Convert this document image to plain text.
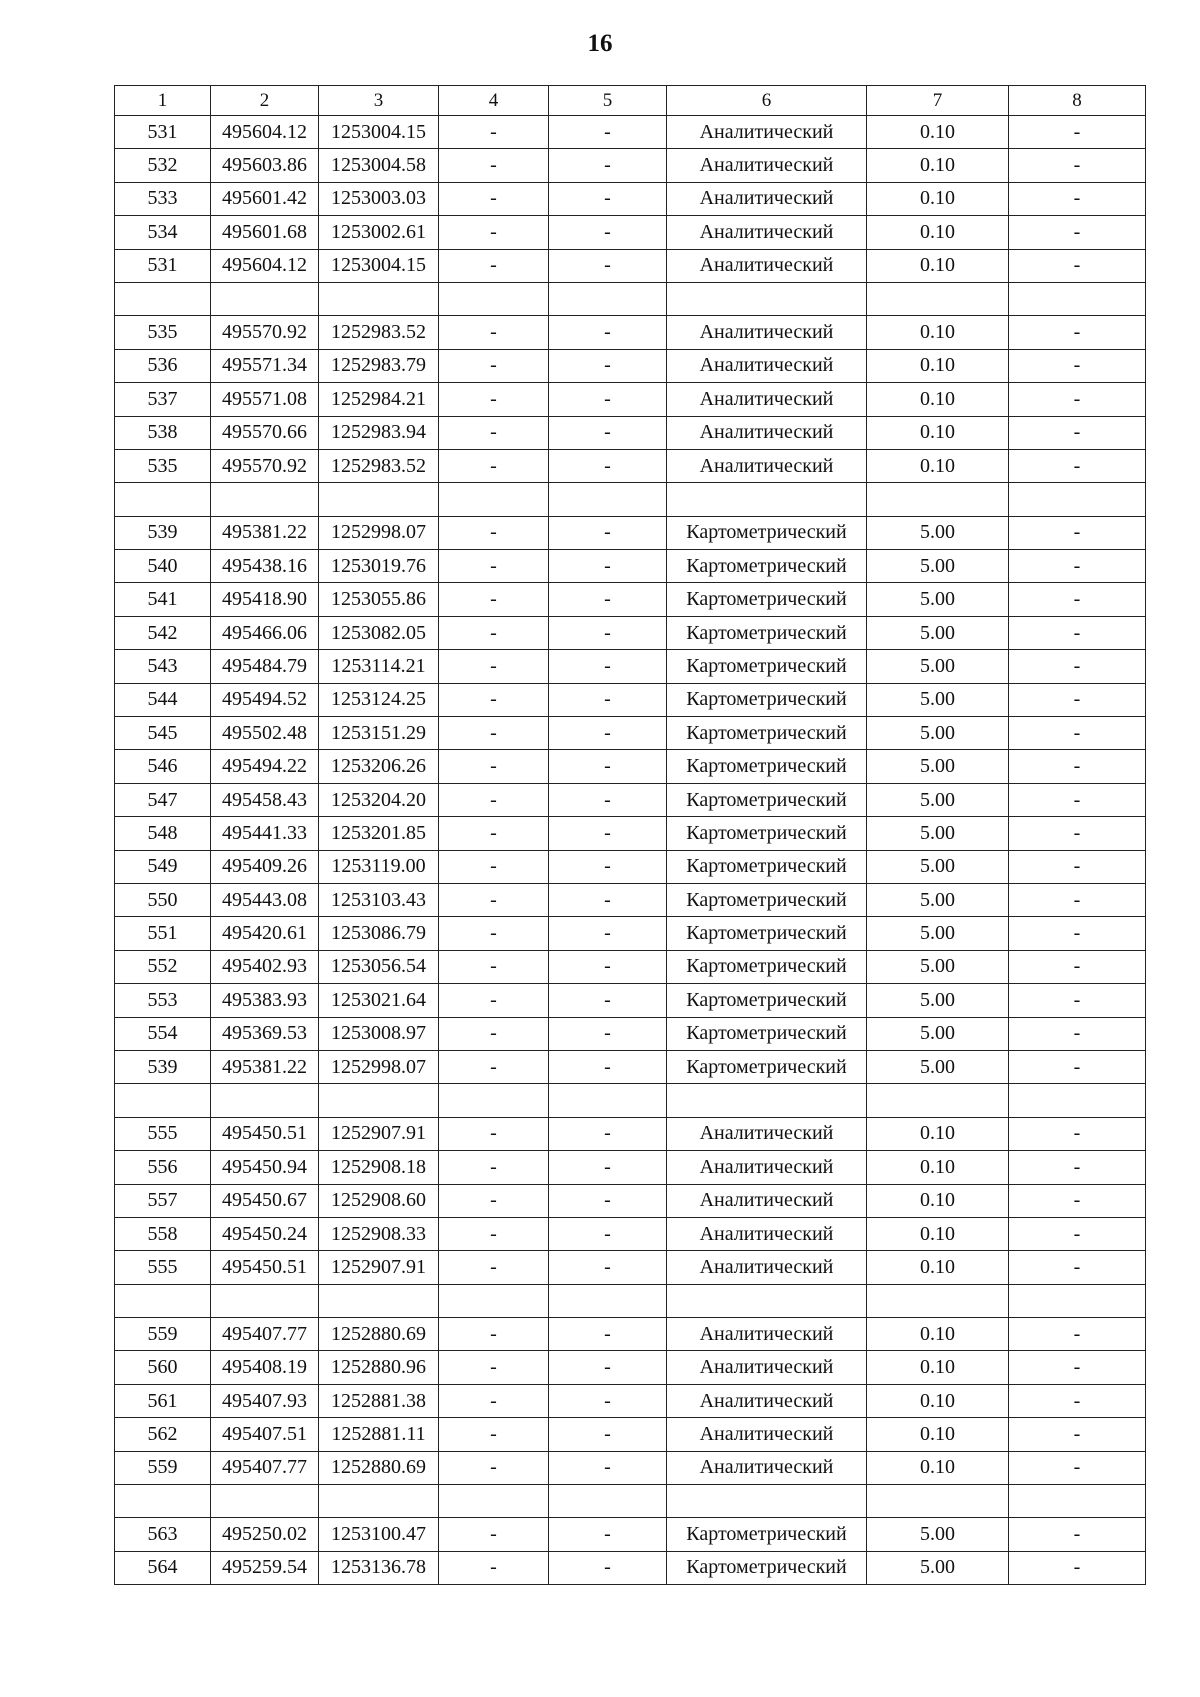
16
1	2	3	4	5	6	7	8
531	495604.12	1253004.15	-	-	Аналитический	0.10	-
532	495603.86	1253004.58	-	-	Аналитический	0.10	-
533	495601.42	1253003.03	-	-	Аналитический	0.10	-
534	495601.68	1253002.61	-	-	Аналитический	0.10	-
531	495604.12	1253004.15	-	-	Аналитический	0.10	-

535	495570.92	1252983.52	-	-	Аналитический	0.10	-
536	495571.34	1252983.79	-	-	Аналитический	0.10	-
537	495571.08	1252984.21	-	-	Аналитический	0.10	-
538	495570.66	1252983.94	-	-	Аналитический	0.10	-
535	495570.92	1252983.52	-	-	Аналитический	0.10	-

539	495381.22	1252998.07	-	-	Картометрический	5.00	-
540	495438.16	1253019.76	-	-	Картометрический	5.00	-
541	495418.90	1253055.86	-	-	Картометрический	5.00	-
542	495466.06	1253082.05	-	-	Картометрический	5.00	-
543	495484.79	1253114.21	-	-	Картометрический	5.00	-
544	495494.52	1253124.25	-	-	Картометрический	5.00	-
545	495502.48	1253151.29	-	-	Картометрический	5.00	-
546	495494.22	1253206.26	-	-	Картометрический	5.00	-
547	495458.43	1253204.20	-	-	Картометрический	5.00	-
548	495441.33	1253201.85	-	-	Картометрический	5.00	-
549	495409.26	1253119.00	-	-	Картометрический	5.00	-
550	495443.08	1253103.43	-	-	Картометрический	5.00	-
551	495420.61	1253086.79	-	-	Картометрический	5.00	-
552	495402.93	1253056.54	-	-	Картометрический	5.00	-
553	495383.93	1253021.64	-	-	Картометрический	5.00	-
554	495369.53	1253008.97	-	-	Картометрический	5.00	-
539	495381.22	1252998.07	-	-	Картометрический	5.00	-

555	495450.51	1252907.91	-	-	Аналитический	0.10	-
556	495450.94	1252908.18	-	-	Аналитический	0.10	-
557	495450.67	1252908.60	-	-	Аналитический	0.10	-
558	495450.24	1252908.33	-	-	Аналитический	0.10	-
555	495450.51	1252907.91	-	-	Аналитический	0.10	-

559	495407.77	1252880.69	-	-	Аналитический	0.10	-
560	495408.19	1252880.96	-	-	Аналитический	0.10	-
561	495407.93	1252881.38	-	-	Аналитический	0.10	-
562	495407.51	1252881.11	-	-	Аналитический	0.10	-
559	495407.77	1252880.69	-	-	Аналитический	0.10	-

563	495250.02	1253100.47	-	-	Картометрический	5.00	-
564	495259.54	1253136.78	-	-	Картометрический	5.00	-
